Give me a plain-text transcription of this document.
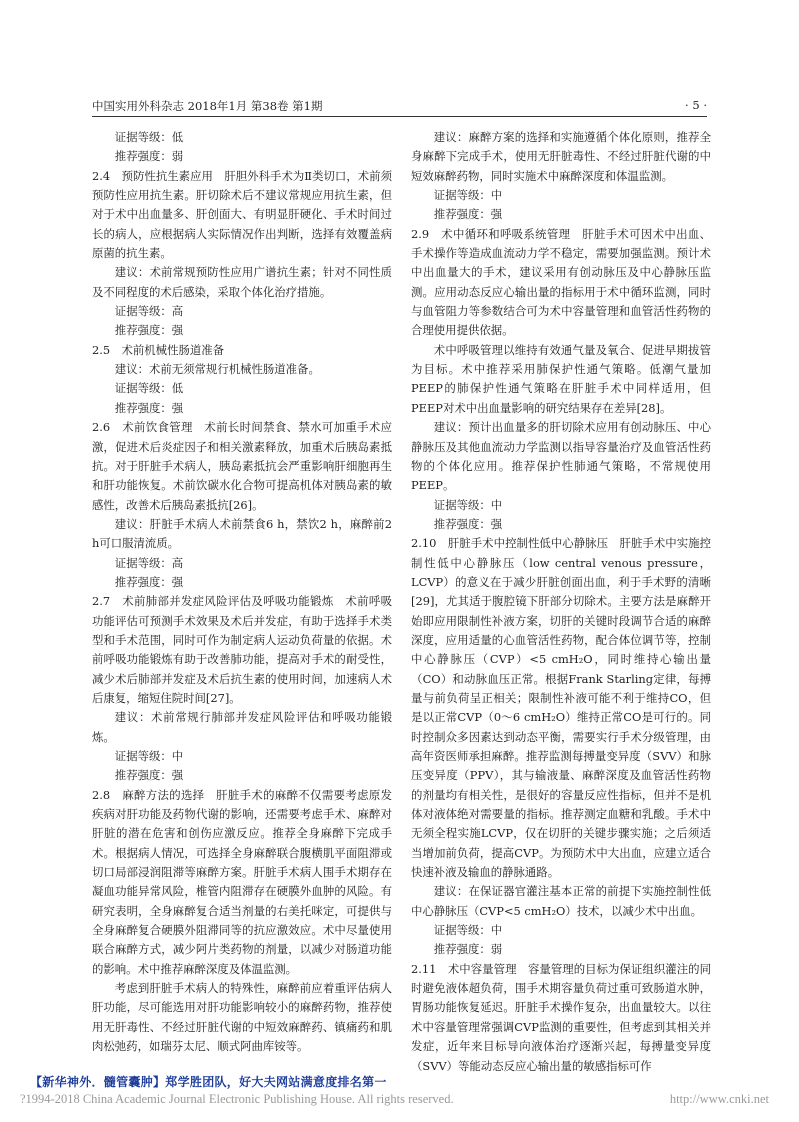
中国实用外科杂志 2018年1月 第38卷 第1期	· 5 ·

证据等级：低

推荐强度：弱

2.4　预防性抗生素应用　肝胆外科手术为Ⅱ类切口，术前须预防性应用抗生素。肝切除术后不建议常规应用抗生素，但对于术中出血量多、肝创面大、有明显肝硬化、手术时间过长的病人，应根据病人实际情况作出判断，选择有效覆盖病原菌的抗生素。

建议：术前常规预防性应用广谱抗生素；针对不同性质及不同程度的术后感染，采取个体化治疗措施。

证据等级：高

推荐强度：强

2.5　术前机械性肠道准备

建议：术前无须常规行机械性肠道准备。

证据等级：低

推荐强度：强

2.6　术前饮食管理　术前长时间禁食、禁水可加重手术应激，促进术后炎症因子和相关激素释放，加重术后胰岛素抵抗。对于肝脏手术病人，胰岛素抵抗会严重影响肝细胞再生和肝功能恢复。术前饮碳水化合物可提高机体对胰岛素的敏感性，改善术后胰岛素抵抗[26]。

建议：肝脏手术病人术前禁食6 h，禁饮2 h，麻醉前2 h可口服清流质。

证据等级：高

推荐强度：强

2.7　术前肺部并发症风险评估及呼吸功能锻炼　术前呼吸功能评估可预测手术效果及术后并发症，有助于选择手术类型和手术范围，同时可作为制定病人运动负荷量的依据。术前呼吸功能锻炼有助于改善肺功能，提高对手术的耐受性，减少术后肺部并发症及术后抗生素的使用时间，加速病人术后康复，缩短住院时间[27]。

建议：术前常规行肺部并发症风险评估和呼吸功能锻炼。

证据等级：中

推荐强度：强

2.8　麻醉方法的选择　肝脏手术的麻醉不仅需要考虑原发疾病对肝功能及药物代谢的影响，还需要考虑手术、麻醉对肝脏的潜在危害和创伤应激反应。推荐全身麻醉下完成手术。根据病人情况，可选择全身麻醉联合腹横肌平面阻滞或切口局部浸润阻滞等麻醉方案。肝脏手术病人围手术期存在凝血功能异常风险，椎管内阻滞存在硬膜外血肿的风险。有研究表明，全身麻醉复合适当剂量的右美托咪定，可提供与全身麻醉复合硬膜外阻滞同等的抗应激效应。术中尽量使用联合麻醉方式，减少阿片类药物的剂量，以减少对肠道功能的影响。术中推荐麻醉深度及体温监测。

考虑到肝脏手术病人的特殊性，麻醉前应着重评估病人肝功能，尽可能选用对肝功能影响较小的麻醉药物，推荐使用无肝毒性、不经过肝脏代谢的中短效麻醉药、镇痛药和肌肉松弛药，如瑞芬太尼、顺式阿曲库铵等。

建议：麻醉方案的选择和实施遵循个体化原则，推荐全身麻醉下完成手术，使用无肝脏毒性、不经过肝脏代谢的中短效麻醉药物，同时实施术中麻醉深度和体温监测。

证据等级：中

推荐强度：强

2.9　术中循环和呼吸系统管理　肝脏手术可因术中出血、手术操作等造成血流动力学不稳定，需要加强监测。预计术中出血量大的手术，建议采用有创动脉压及中心静脉压监测。应用动态反应心输出量的指标用于术中循环监测，同时与血管阻力等参数结合可为术中容量管理和血管活性药物的合理使用提供依据。

术中呼吸管理以维持有效通气量及氧合、促进早期拔管为目标。术中推荐采用肺保护性通气策略。低潮气量加PEEP的肺保护性通气策略在肝脏手术中同样适用，但PEEP对术中出血量影响的研究结果存在差异[28]。

建议：预计出血量多的肝切除术应用有创动脉压、中心静脉压及其他血流动力学监测以指导容量治疗及血管活性药物的个体化应用。推荐保护性肺通气策略，不常规使用PEEP。

证据等级：中

推荐强度：强

2.10　肝脏手术中控制性低中心静脉压　肝脏手术中实施控制性低中心静脉压（low central venous pressure，LCVP）的意义在于减少肝脏创面出血，利于手术野的清晰[29]，尤其适于腹腔镜下肝部分切除术。主要方法是麻醉开始即应用限制性补液方案，切肝的关键时段调节合适的麻醉深度，应用适量的心血管活性药物，配合体位调节等，控制中心静脉压（CVP）<5 cmH₂O，同时维持心输出量（CO）和动脉血压正常。根据Frank Starling定律，每搏量与前负荷呈正相关；限制性补液可能不利于维持CO，但是以正常CVP（0～6 cmH₂O）维持正常CO是可行的。同时控制众多因素达到动态平衡，需要实行手术分级管理，由高年资医师承担麻醉。推荐监测每搏量变异度（SVV）和脉压变异度（PPV），其与输液量、麻醉深度及血管活性药物的剂量均有相关性，是很好的容量反应性指标，但并不是机体对液体绝对需要量的指标。推荐测定血糖和乳酸。手术中无须全程实施LCVP，仅在切肝的关键步骤实施；之后须适当增加前负荷，提高CVP。为预防术中大出血，应建立适合快速补液及输血的静脉通路。

建议：在保证器官灌注基本正常的前提下实施控制性低中心静脉压（CVP<5 cmH₂O）技术，以减少术中出血。

证据等级：中

推荐强度：弱

2.11　术中容量管理　容量管理的目标为保证组织灌注的同时避免液体超负荷，围手术期容量负荷过重可致肠道水肿，胃肠功能恢复延迟。肝脏手术操作复杂，出血量较大。以往术中容量管理常强调CVP监测的重要性，但考虑到其相关并发症，近年来目标导向液体治疗逐渐兴起，每搏量变异度（SVV）等能动态反应心输出量的敏感指标可作

【新华神外．髓管囊肿】郑学胜团队，好大夫网站满意度排名第一
?1994-2018 China Academic Journal Electronic Publishing House. All rights reserved.	http://www.cnki.net
